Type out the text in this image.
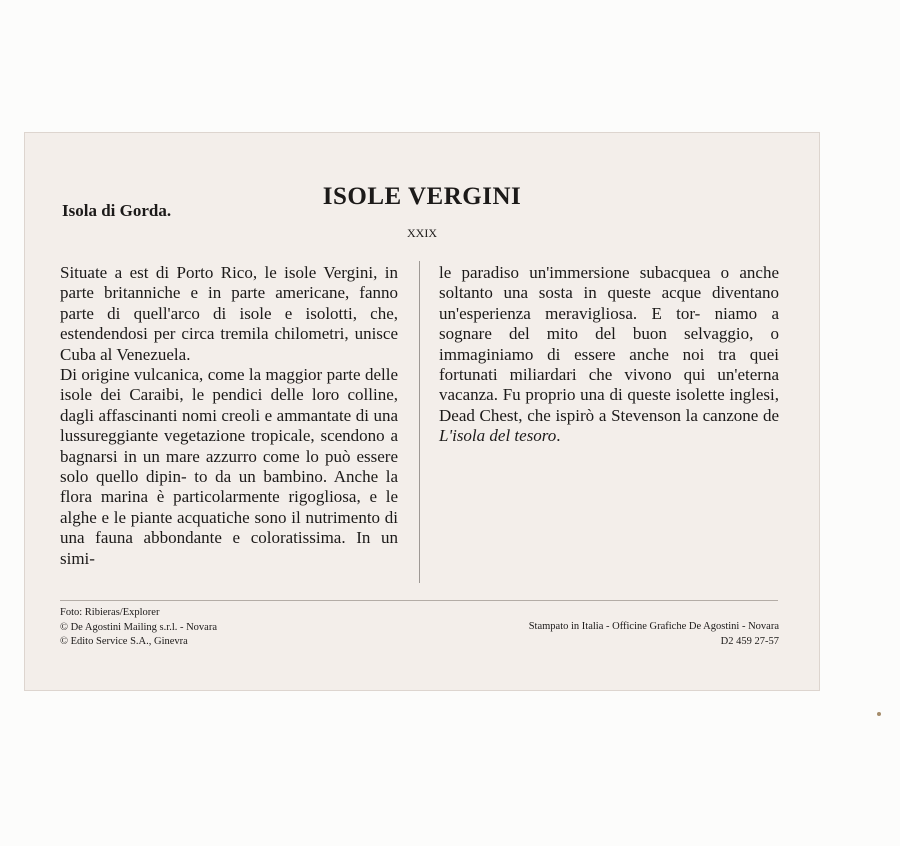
Isola di Gorda.
ISOLE VERGINI
XXIX

Situate a est di Porto Rico, le isole Vergini, in parte britanniche e in parte americane, fanno parte di quell'arco di isole e isolotti, che, estendendosi per circa tremila chilometri, unisce Cuba al Venezuela.

Di origine vulcanica, come la maggior parte delle isole dei Caraibi, le pendici delle loro colline, dagli affascinanti nomi creoli e ammantate di una lussureggiante vegetazione tropicale, scendono a bagnarsi in un mare azzurro come lo può essere solo quello dipin- to da un bambino. Anche la flora marina è particolarmente rigogliosa, e le alghe e le piante acquatiche sono il nutrimento di una fauna abbondante e coloratissima. In un simi-

le paradiso un'immersione subacquea o anche soltanto una sosta in queste acque diventano un'esperienza meravigliosa. E tor- niamo a sognare del mito del buon selvaggio, o immaginiamo di essere anche noi tra quei fortunati miliardari che vivono qui un'eterna vacanza. Fu proprio una di queste isolette inglesi, Dead Chest, che ispirò a Stevenson la canzone de L'isola del tesoro.

Foto: Ribieras/Explorer
© De Agostini Mailing s.r.l. - Novara
© Edito Service S.A., Ginevra
Stampato in Italia - Officine Grafiche De Agostini - Novara
D2 459 27-57
